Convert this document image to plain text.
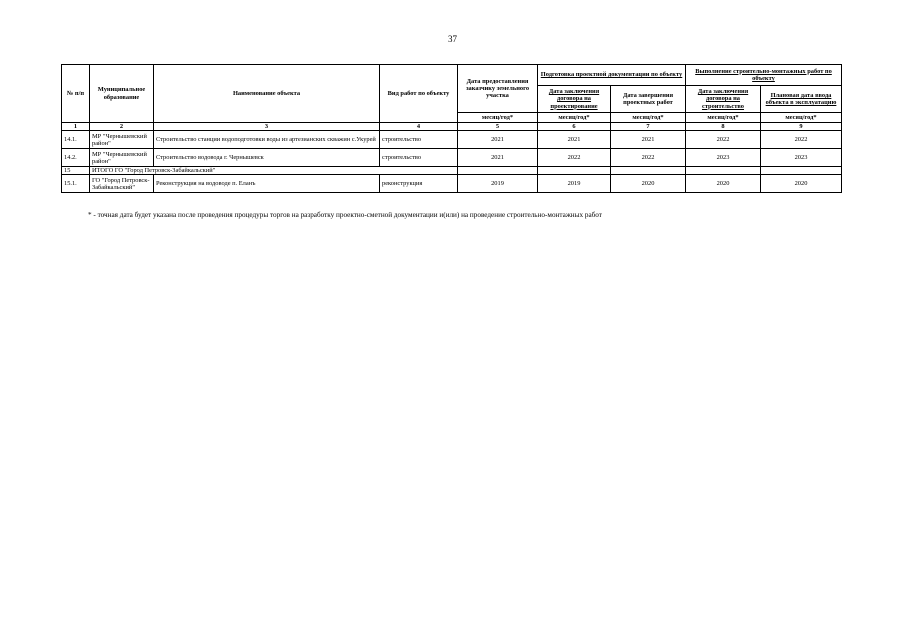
37
№ п/п	Муниципальное образование	Наименование объекта	Вид работ по объекту	Дата предоставления заказчику земельного участка	Подготовка проектной документации по объекту		Выполнение строительно-монтажных работ по объекту	
					Дата заключения договора на проектирование	Дата завершения проектных работ	Дата заключения договора на строительство	Плановая дата ввода объекта в эксплуатацию
				месяц/год*	месяц/год*	месяц/год*	месяц/год*	месяц/год*
1	2	3	4	5	6	7	8	9
14.1.	МР "Чернышевский район"	Строительство станции водоподготовки воды из артезианских скважин с.Укурей	строительство	2021	2021	2021	2022	2022
14.2.	МР "Чернышевский район"	Строительство водовода г. Чернышевск	строительство	2021	2022	2022	2023	2023
15	ИТОГО ГО "Город Петровск-Забайкальский"							
15.1.	ГО "Город Петровск-Забайкальский"	Реконструкция на водоводе п. Еланъ	реконструкция	2019	2019	2020	2020	2020
* - точная дата будет указана после проведения процедуры торгов на разработку проектно-сметной документации и(или) на проведение строительно-монтажных работ
